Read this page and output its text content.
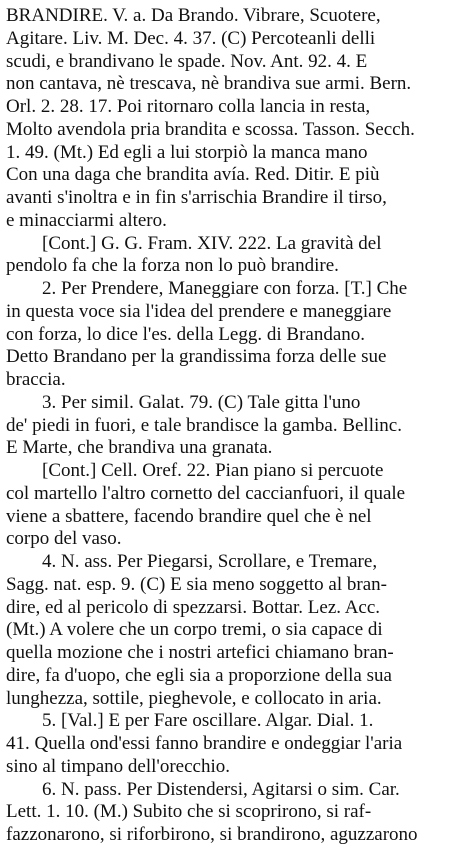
BRANDIRE. V. a. Da Brando. Vibrare, Scuotere,
Agitare. Liv. M. Dec. 4. 37. (C) Percoteanli delli
scudi, e brandivano le spade. Nov. Ant. 92. 4. E
non cantava, nè trescava, nè brandiva sue armi. Bern.
Orl. 2. 28. 17. Poi ritornaro colla lancia in resta,
Molto avendola pria brandita e scossa. Tasson. Secch.
1. 49. (Mt.) Ed egli a lui storpiò la manca mano
Con una daga che brandita avía. Red. Ditir. E più
avanti s'inoltra e in fin s'arrischia Brandire il tirso,
e minacciarmi altero.
[Cont.] G. G. Fram. XIV. 222. La gravità del
pendolo fa che la forza non lo può brandire.
2. Per Prendere, Maneggiare con forza. [T.] Che
in questa voce sia l'idea del prendere e maneggiare
con forza, lo dice l'es. della Legg. di Brandano.
Detto Brandano per la grandissima forza delle sue
braccia.
3. Per simil. Galat. 79. (C) Tale gitta l'uno
de' piedi in fuori, e tale brandisce la gamba. Bellinc.
E Marte, che brandiva una granata.
[Cont.] Cell. Oref. 22. Pian piano si percuote
col martello l'altro cornetto del caccianfuori, il quale
viene a sbattere, facendo brandire quel che è nel
corpo del vaso.
4. N. ass. Per Piegarsi, Scrollare, e Tremare,
Sagg. nat. esp. 9. (C) E sia meno soggetto al bran-
dire, ed al pericolo di spezzarsi. Bottar. Lez. Acc.
(Mt.) A volere che un corpo tremi, o sia capace di
quella mozione che i nostri artefici chiamano bran-
dire, fa d'uopo, che egli sia a proporzione della sua
lunghezza, sottile, pieghevole, e collocato in aria.
5. [Val.] E per Fare oscillare. Algar. Dial. 1.
41. Quella ond'essi fanno brandire e ondeggiar l'aria
sino al timpano dell'orecchio.
6. N. pass. Per Distendersi, Agitarsi o sim. Car.
Lett. 1. 10. (M.) Subito che si scoprirono, si raf-
fazzonarono, si riforbirono, si brandirono, aguzzarono
